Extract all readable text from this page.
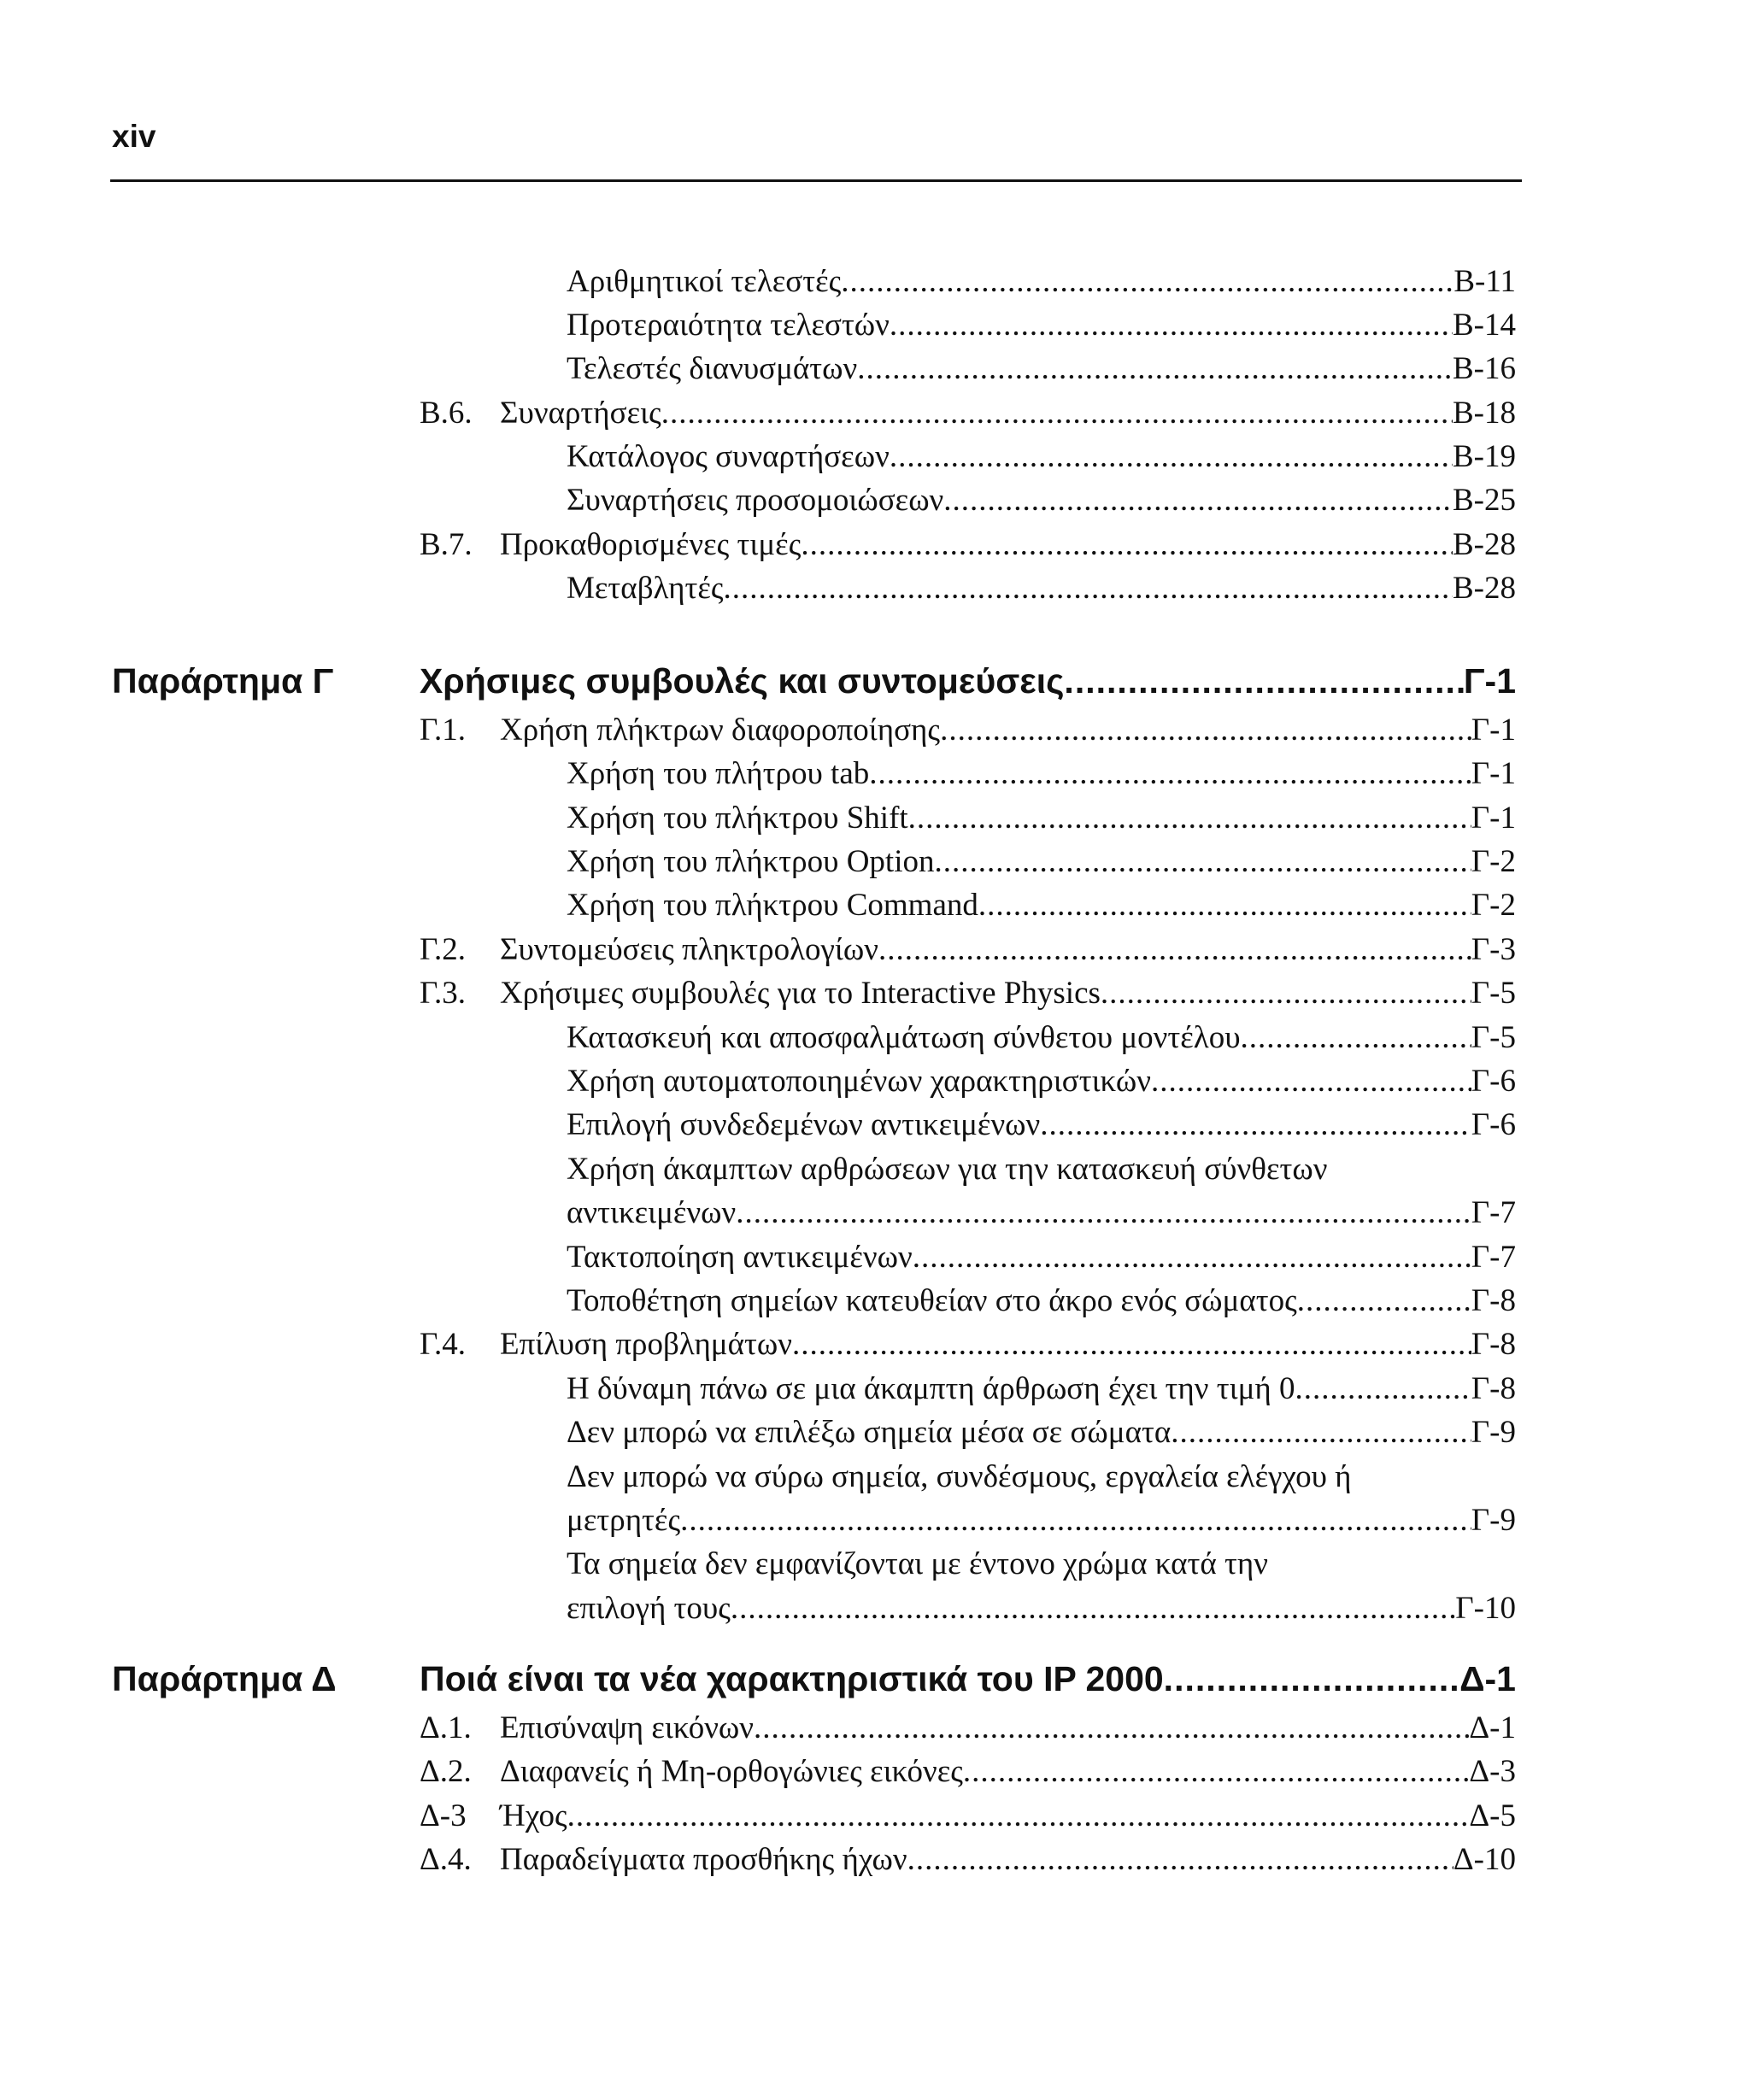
xiv
Αριθμητικοί τελεστές .....	B-11
Προτεραιότητα τελεστών .....	B-14
Τελεστές διανυσμάτων .....	B-16
B.6. Συναρτήσεις .....	B-18
Κατάλογος συναρτήσεων .....	B-19
Συναρτήσεις προσομοιώσεων .....	B-25
B.7. Προκαθορισμένες τιμές .....	B-28
Μεταβλητές .....	B-28
Παράρτημα Γ Χρήσιμες συμβουλές και συντομεύσεις .....	Γ-1
Γ.1. Χρήση πλήκτρων διαφοροποίησης .....	Γ-1
Χρήση του πλήτρου tab .....	Γ-1
Χρήση του πλήκτρου Shift .....	Γ-1
Χρήση του πλήκτρου Option .....	Γ-2
Χρήση του πλήκτρου Command .....	Γ-2
Γ.2. Συντομεύσεις πληκτρολογίων .....	Γ-3
Γ.3. Χρήσιμες συμβουλές για το Interactive Physics .....	Γ-5
Κατασκευή και αποσφαλμάτωση σύνθετου μοντέλου .....	Γ-5
Χρήση αυτοματοποιημένων χαρακτηριστικών .....	Γ-6
Επιλογή συνδεδεμένων αντικειμένων .....	Γ-6
Χρήση άκαμπτων αρθρώσεων για την κατασκευή σύνθετων
αντικειμένων .....	Γ-7
Τακτοποίηση αντικειμένων .....	Γ-7
Τοποθέτηση σημείων κατευθείαν στο άκρο ενός σώματος .....	Γ-8
Γ.4. Επίλυση προβλημάτων .....	Γ-8
Η δύναμη πάνω σε μια άκαμπτη άρθρωση έχει την τιμή 0 .....	Γ-8
Δεν μπορώ να επιλέξω σημεία μέσα σε σώματα .....	Γ-9
Δεν μπορώ να σύρω σημεία, συνδέσμους, εργαλεία ελέγχου ή
μετρητές .....	Γ-9
Τα σημεία δεν εμφανίζονται με έντονο χρώμα κατά την
επιλογή τους .....	Γ-10
Παράρτημα Δ Ποιά είναι τα νέα χαρακτηριστικά του IP 2000 .....	Δ-1
Δ.1. Επισύναψη εικόνων .....	Δ-1
Δ.2. Διαφανείς ή Μη-ορθογώνιες εικόνες .....	Δ-3
Δ-3 Ήχος .....	Δ-5
Δ.4. Παραδείγματα προσθήκης ήχων .....	Δ-10
